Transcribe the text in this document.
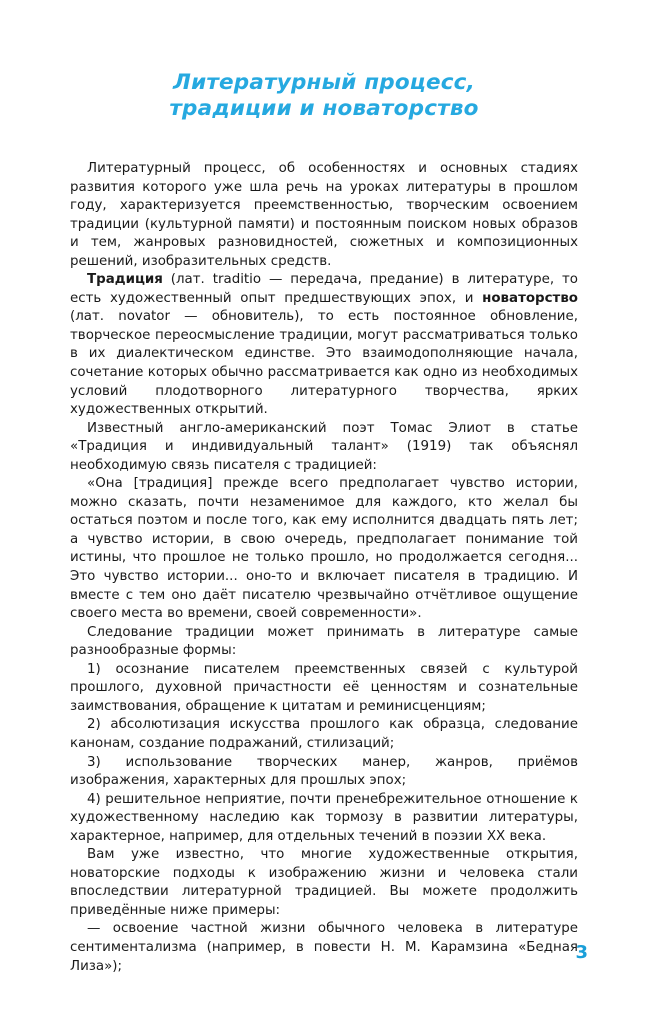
Литературный процесс,
традиции и новаторство

Литературный процесс, об особенностях и основных стадиях развития которого уже шла речь на уроках литературы в прошлом году, характеризуется преемственностью, творческим освоением традиции (культурной памяти) и постоянным поиском новых образов и тем, жанровых разновидностей, сюжетных и композиционных решений, изобразительных средств.

Традиция (лат. traditio — передача, предание) в литературе, то есть художественный опыт предшествующих эпох, и новаторство (лат. novator — обновитель), то есть постоянное обновление, творческое переосмысление традиции, могут рассматриваться только в их диалектическом единстве. Это взаимодополняющие начала, сочетание которых обычно рассматривается как одно из необходимых условий плодотворного литературного творчества, ярких художественных открытий.

Известный англо-американский поэт Томас Элиот в статье «Традиция и индивидуальный талант» (1919) так объяснял необходимую связь писателя с традицией:

«Она [традиция] прежде всего предполагает чувство истории, можно сказать, почти незаменимое для каждого, кто желал бы остаться поэтом и после того, как ему исполнится двадцать пять лет; а чувство истории, в свою очередь, предполагает понимание той истины, что прошлое не только прошло, но продолжается сегодня... Это чувство истории... оно-то и включает писателя в традицию. И вместе с тем оно даёт писателю чрезвычайно отчётливое ощущение своего места во времени, своей современности».

Следование традиции может принимать в литературе самые разнообразные формы:

1) осознание писателем преемственных связей с культурой прошлого, духовной причастности её ценностям и сознательные заимствования, обращение к цитатам и реминисценциям;

2) абсолютизация искусства прошлого как образца, следование канонам, создание подражаний, стилизаций;

3) использование творческих манер, жанров, приёмов изображения, характерных для прошлых эпох;

4) решительное неприятие, почти пренебрежительное отношение к художественному наследию как тормозу в развитии литературы, характерное, например, для отдельных течений в поэзии XX века.

Вам уже известно, что многие художественные открытия, новаторские подходы к изображению жизни и человека стали впоследствии литературной традицией. Вы можете продолжить приведённые ниже примеры:

— освоение частной жизни обычного человека в литературе сентиментализма (например, в повести Н. М. Карамзина «Бедная Лиза»);

3
